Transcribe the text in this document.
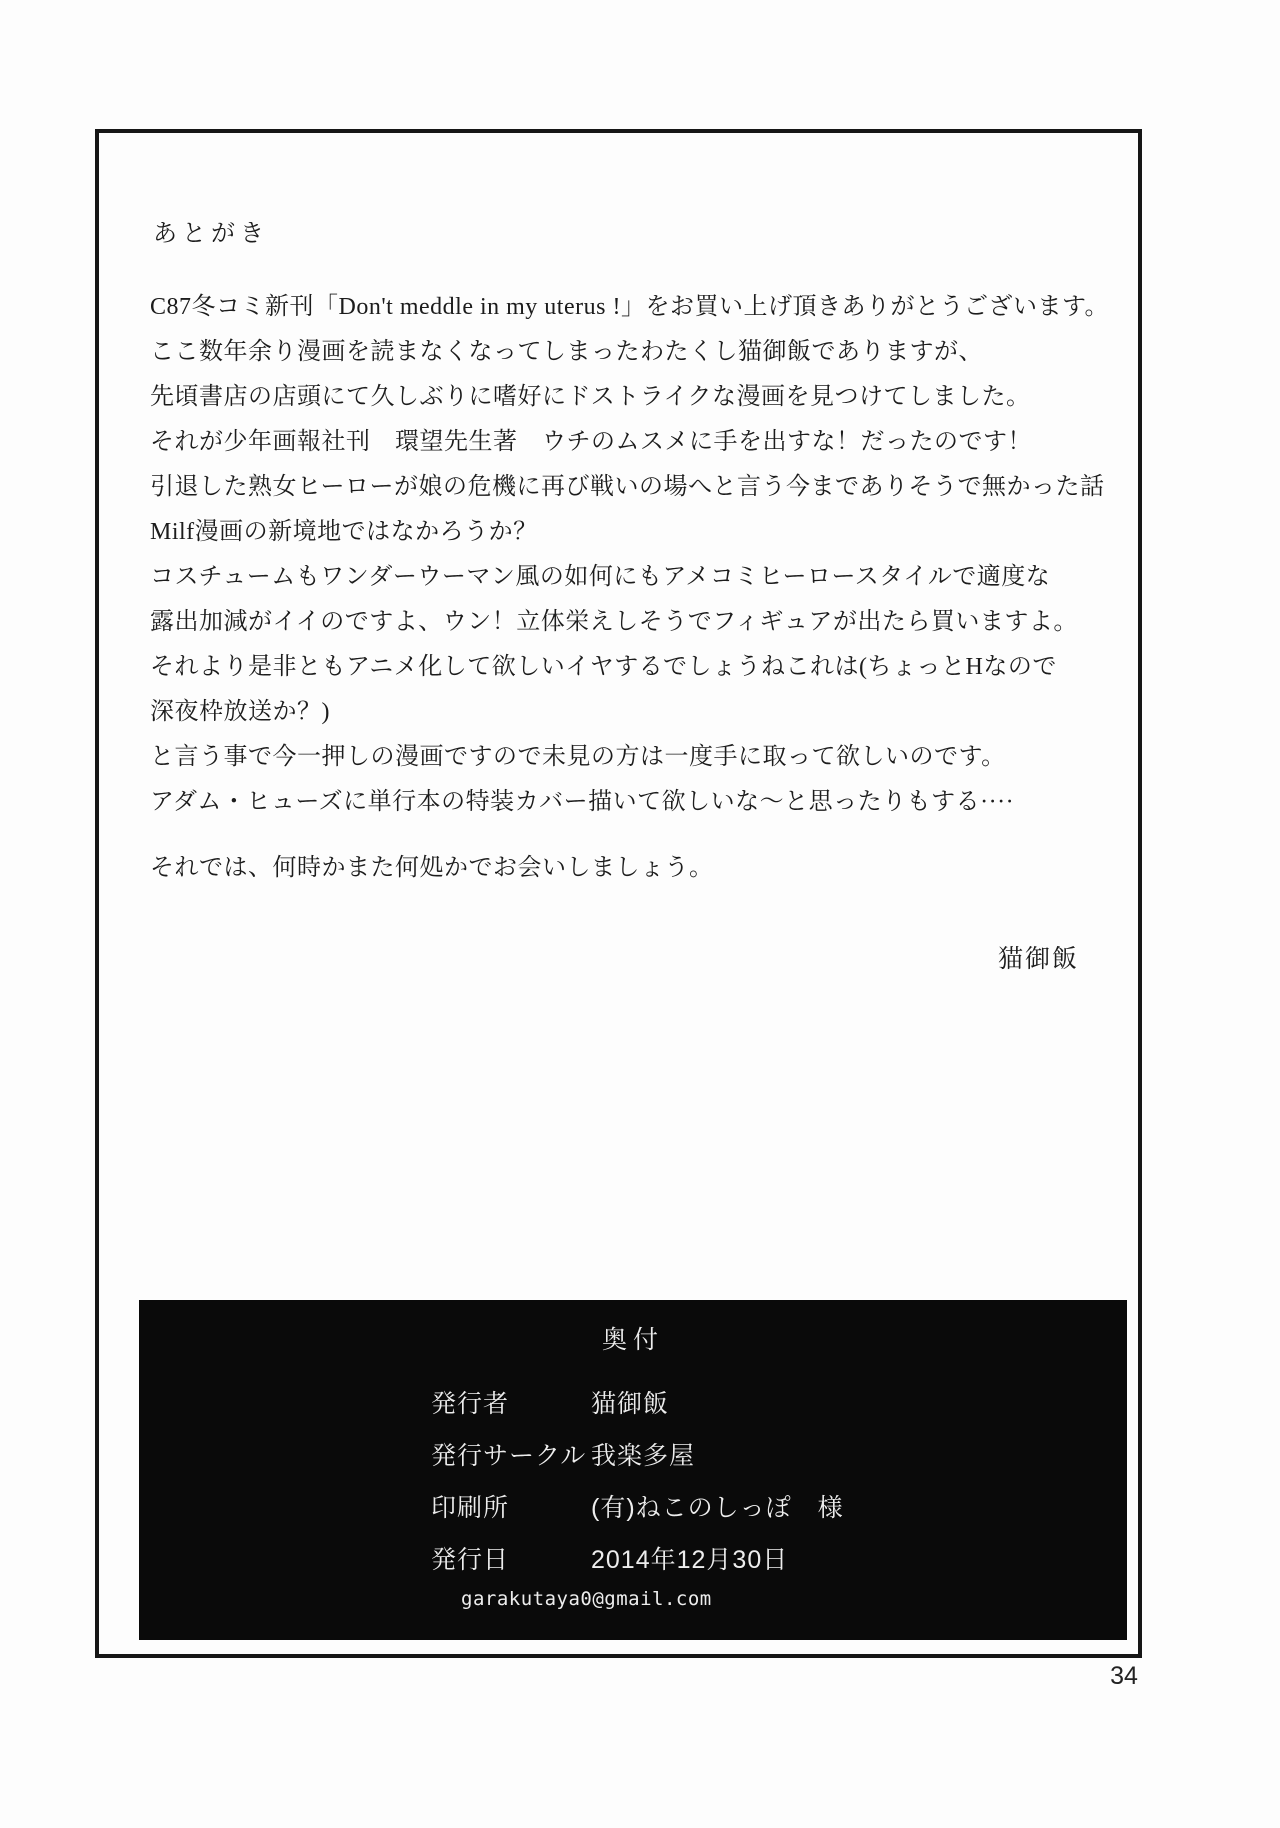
あとがき
C87冬コミ新刊「Don't meddle in my uterus !」をお買い上げ頂きありがとうございます。
ここ数年余り漫画を読まなくなってしまったわたくし猫御飯でありますが、
先頃書店の店頭にて久しぶりに嗜好にドストライクな漫画を見つけてしました。
それが少年画報社刊　環望先生著　ウチのムスメに手を出すな！だったのです！
引退した熟女ヒーローが娘の危機に再び戦いの場へと言う今までありそうで無かった話
Milf漫画の新境地ではなかろうか？
コスチュームもワンダーウーマン風の如何にもアメコミヒーロースタイルで適度な
露出加減がイイのですよ、ウン！立体栄えしそうでフィギュアが出たら買いますよ。
それより是非ともアニメ化して欲しいイヤするでしょうねこれは(ちょっとHなので
深夜枠放送か？)
と言う事で今一押しの漫画ですので未見の方は一度手に取って欲しいのです。
アダム・ヒューズに単行本の特装カバー描いて欲しいな～と思ったりもする····
それでは、何時かまた何処かでお会いしましょう。
猫御飯
奥付
発行者	猫御飯
発行サークル 我楽多屋
印刷所	(有)ねこのしっぽ　様
発行日	2014年12月30日
garakutaya0@gmail.com
34
